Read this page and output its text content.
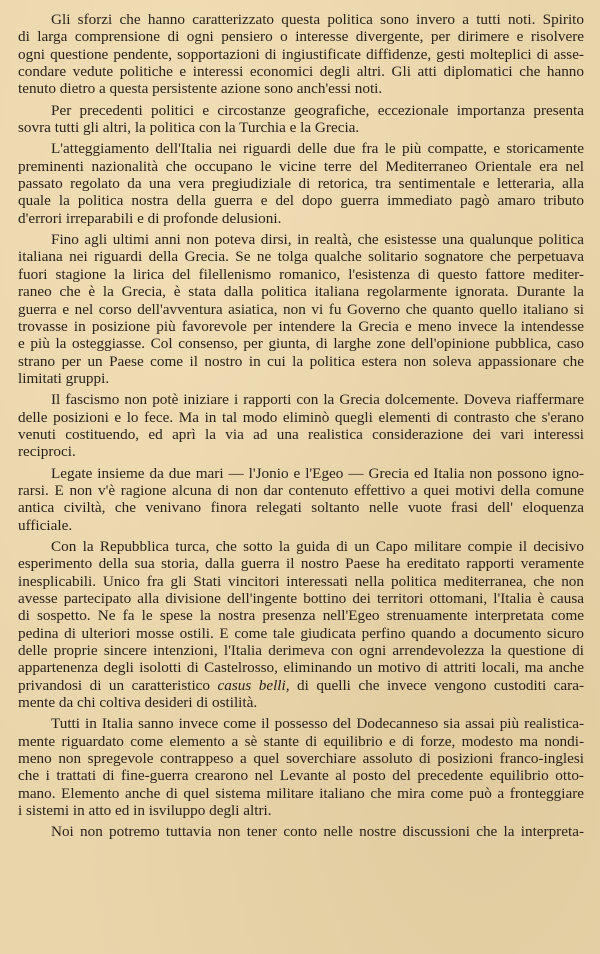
Gli sforzi che hanno caratterizzato questa politica sono invero a tutti noti. Spirito
di larga comprensione di ogni pensiero o interesse divergente, per dirimere e risolvere
ogni questione pendente, sopportazioni di ingiustificate diffidenze, gesti molteplici di asse-
condare vedute politiche e interessi economici degli altri. Gli atti diplomatici che hanno
tenuto dietro a questa persistente azione sono anch'essi noti.
Per precedenti politici e circostanze geografiche, eccezionale importanza presenta
sovra tutti gli altri, la politica con la Turchia e la Grecia.
L'atteggiamento dell'Italia nei riguardi delle due fra le più compatte, e storicamente
preminenti nazionalità che occupano le vicine terre del Mediterraneo Orientale era nel
passato regolato da una vera pregiudiziale di retorica, tra sentimentale e letteraria, alla
quale la politica nostra della guerra e del dopo guerra immediato pagò amaro tributo
d'errori irreparabili e di profonde delusioni.
Fino agli ultimi anni non poteva dirsi, in realtà, che esistesse una qualunque politica
italiana nei riguardi della Grecia. Se ne tolga qualche solitario sognatore che perpetuava
fuori stagione la lirica del filellenismo romanico, l'esistenza di questo fattore mediter-
raneo che è la Grecia, è stata dalla politica italiana regolarmente ignorata. Durante la
guerra e nel corso dell'avventura asiatica, non vi fu Governo che quanto quello italiano si
trovasse in posizione più favorevole per intendere la Grecia e meno invece la intendesse
e più la osteggiasse. Col consenso, per giunta, di larghe zone dell'opinione pubblica, caso
strano per un Paese come il nostro in cui la politica estera non soleva appassionare che
limitati gruppi.
Il fascismo non potè iniziare i rapporti con la Grecia dolcemente. Doveva riaffermare
delle posizioni e lo fece. Ma in tal modo eliminò quegli elementi di contrasto che s'erano
venuti costituendo, ed aprì la via ad una realistica considerazione dei vari interessi
reciproci.
Legate insieme da due mari — l'Jonio e l'Egeo — Grecia ed Italia non possono igno-
rarsi. E non v'è ragione alcuna di non dar contenuto effettivo a quei motivi della comune
antica civiltà, che venivano finora relegati soltanto nelle vuote frasi dell' eloquenza
ufficiale.
Con la Repubblica turca, che sotto la guida di un Capo militare compie il decisivo
esperimento della sua storia, dalla guerra il nostro Paese ha ereditato rapporti veramente
inesplicabili. Unico fra gli Stati vincitori interessati nella politica mediterranea, che non
avesse partecipato alla divisione dell'ingente bottino dei territori ottomani, l'Italia è causa
di sospetto. Ne fa le spese la nostra presenza nell'Egeo strenuamente interpretata come
pedina di ulteriori mosse ostili. E come tale giudicata perfino quando a documento sicuro
delle proprie sincere intenzioni, l'Italia derimeva con ogni arrendevolezza la questione di
appartenenza degli isolotti di Castelrosso, eliminando un motivo di attriti locali, ma anche
privandosi di un caratteristico casus belli, di quelli che invece vengono custoditi cara-
mente da chi coltiva desideri di ostilità.
Tutti in Italia sanno invece come il possesso del Dodecanneso sia assai più realistica-
mente riguardato come elemento a sè stante di equilibrio e di forze, modesto ma nondi-
meno non spregevole contrappeso a quel soverchiare assoluto di posizioni franco-inglesi
che i trattati di fine-guerra crearono nel Levante al posto del precedente equilibrio otto-
mano. Elemento anche di quel sistema militare italiano che mira come può a fronteggiare
i sistemi in atto ed in isviluppo degli altri.
Noi non potremo tuttavia non tener conto nelle nostre discussioni che la interpreta-
